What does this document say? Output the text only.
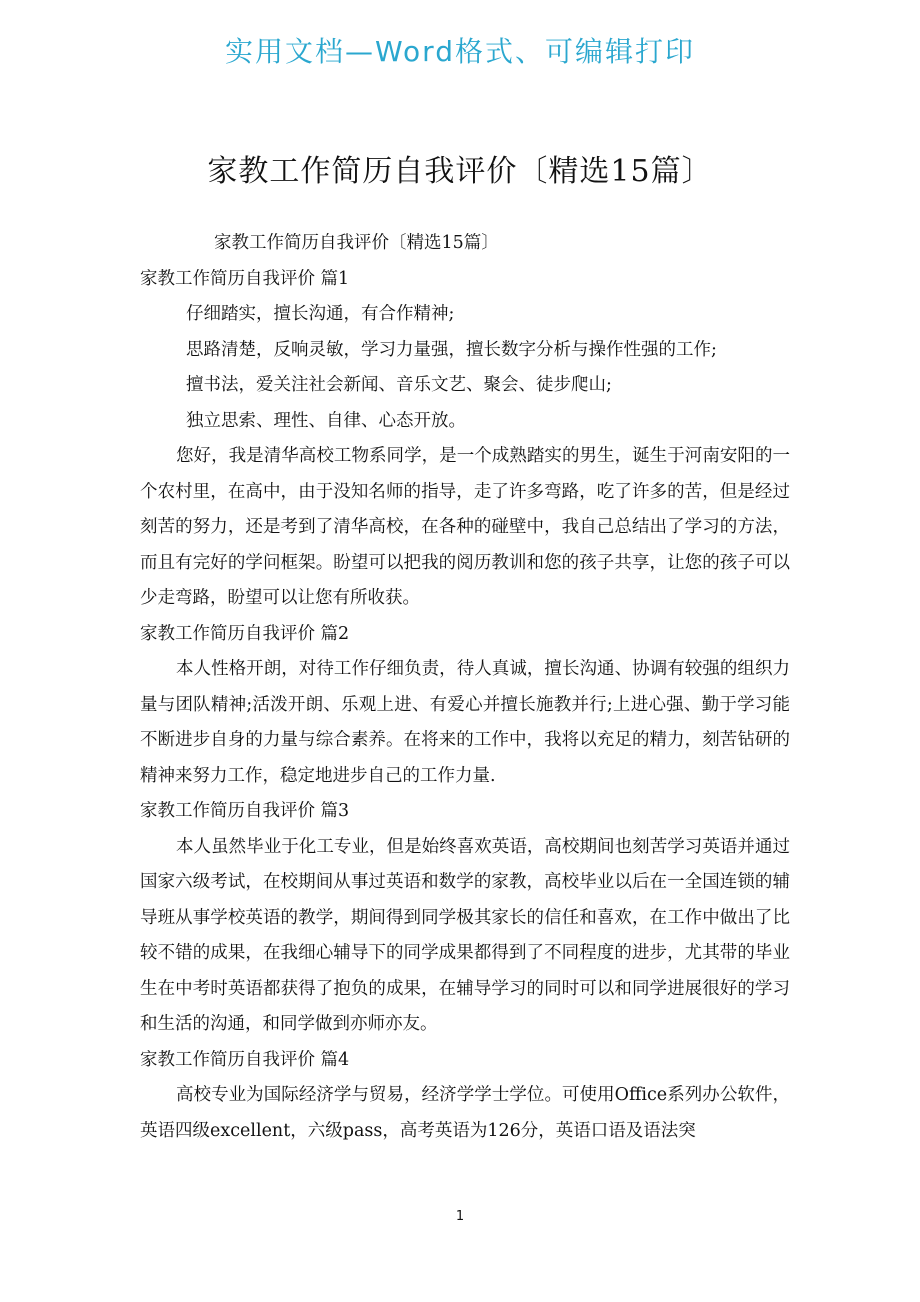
实用文档—Word格式、可编辑打印
家教工作简历自我评价〔精选15篇〕

家教工作简历自我评价〔精选15篇〕

家教工作简历自我评价 篇1

仔细踏实，擅长沟通，有合作精神;

思路清楚，反响灵敏，学习力量强，擅长数字分析与操作性强的工作;

擅书法，爱关注社会新闻、音乐文艺、聚会、徒步爬山;

独立思索、理性、自律、心态开放。

您好，我是清华高校工物系同学，是一个成熟踏实的男生，诞生于河南安阳的一个农村里，在高中，由于没知名师的指导，走了许多弯路，吃了许多的苦，但是经过刻苦的努力，还是考到了清华高校，在各种的碰壁中，我自己总结出了学习的方法，而且有完好的学问框架。盼望可以把我的阅历教训和您的孩子共享，让您的孩子可以少走弯路，盼望可以让您有所收获。

家教工作简历自我评价 篇2

本人性格开朗，对待工作仔细负责，待人真诚，擅长沟通、协调有较强的组织力量与团队精神;活泼开朗、乐观上进、有爱心并擅长施教并行;上进心强、勤于学习能不断进步自身的力量与综合素养。在将来的工作中，我将以充足的精力，刻苦钻研的精神来努力工作，稳定地进步自己的工作力量.

家教工作简历自我评价 篇3

本人虽然毕业于化工专业，但是始终喜欢英语，高校期间也刻苦学习英语并通过国家六级考试，在校期间从事过英语和数学的家教，高校毕业以后在一全国连锁的辅导班从事学校英语的教学，期间得到同学极其家长的信任和喜欢，在工作中做出了比较不错的成果，在我细心辅导下的同学成果都得到了不同程度的进步，尤其带的毕业生在中考时英语都获得了抱负的成果，在辅导学习的同时可以和同学进展很好的学习和生活的沟通，和同学做到亦师亦友。

家教工作简历自我评价 篇4

高校专业为国际经济学与贸易，经济学学士学位。可使用Office系列办公软件，英语四级excellent，六级pass，高考英语为126分，英语口语及语法突

1
